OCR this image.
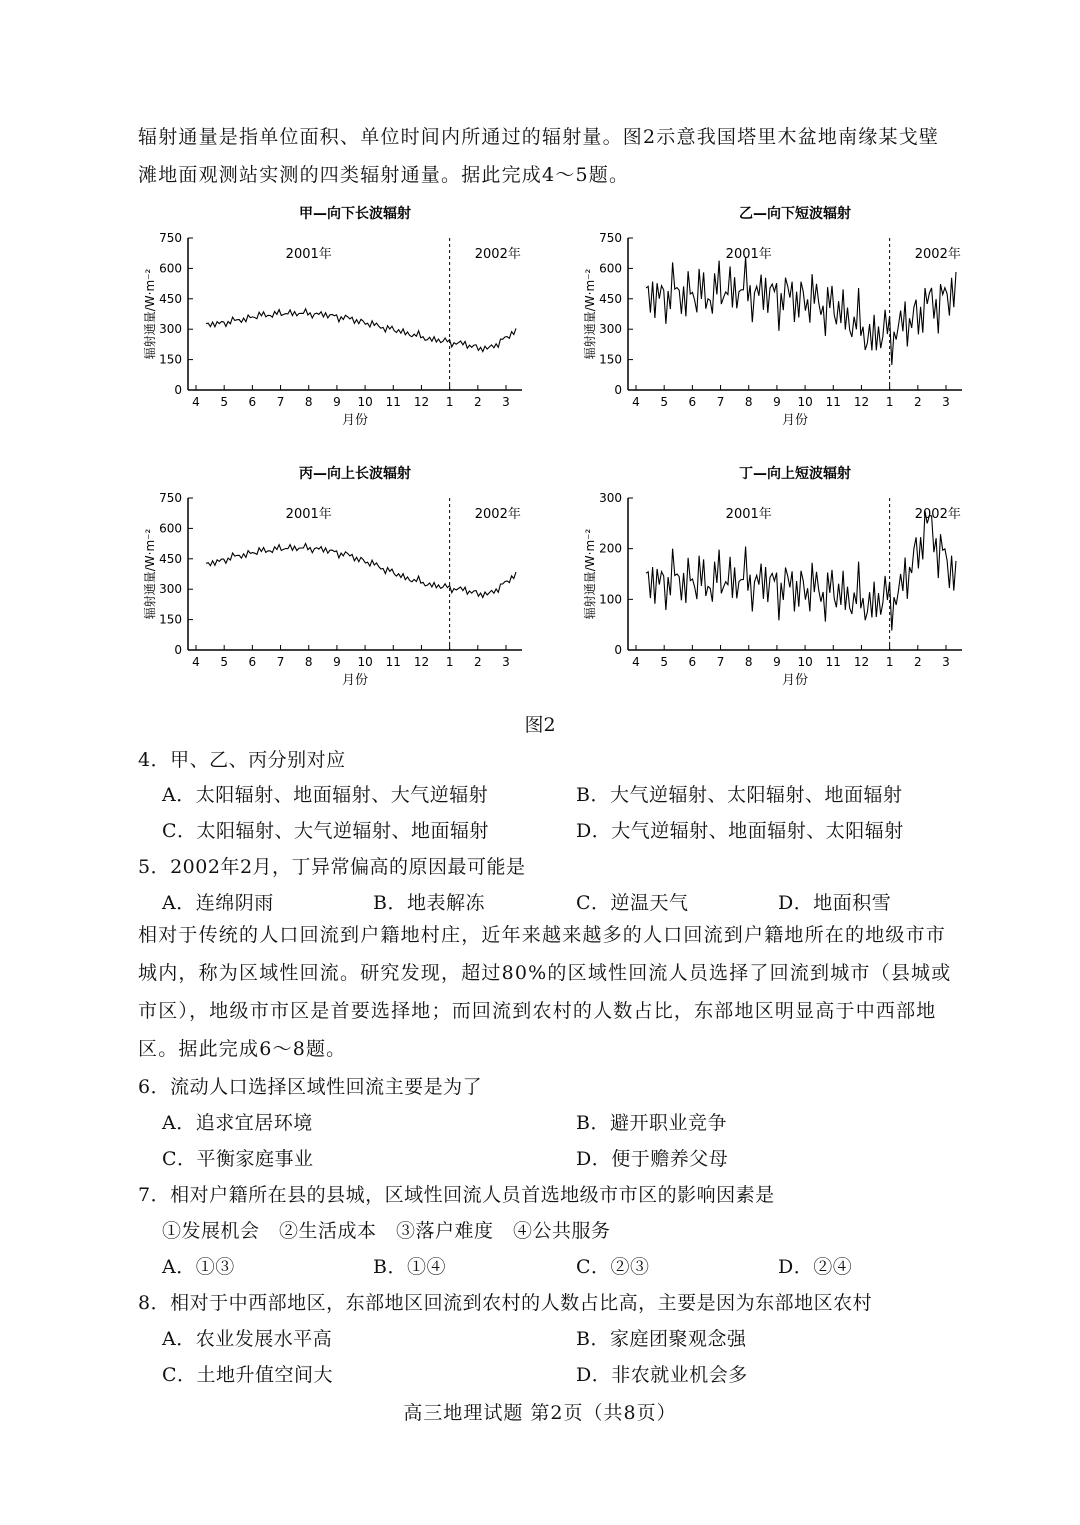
辐射通量是指单位面积、单位时间内所通过的辐射量。图2示意我国塔里木盆地南缘某戈壁滩地面观测站实测的四类辐射通量。据此完成4～5题。
甲—向下长波辐射
0
150
300
450
600
750
4 5 6 7 8 9 10 11 12 1 2 3
2001年	2002年
月份
辐射通量/W·m⁻²
乙—向下短波辐射
0
150
300
450
600
750
4 5 6 7 8 9 10 11 12 1 2 3
2001年	2002年
月份
辐射通量/W·m⁻²
丙—向上长波辐射
0
150
300
450
600
750
4 5 6 7 8 9 10 11 12 1 2 3
2001年	2002年
月份
辐射通量/W·m⁻²
丁—向上短波辐射
0
100
200
300
4 5 6 7 8 9 10 11 12 1 2 3
2001年	2002年
月份
辐射通量/W·m⁻²
图2
4．甲、乙、丙分别对应
A．太阳辐射、地面辐射、大气逆辐射	B．大气逆辐射、太阳辐射、地面辐射
C．太阳辐射、大气逆辐射、地面辐射	D．大气逆辐射、地面辐射、太阳辐射
5．2002年2月，丁异常偏高的原因最可能是
A．连绵阴雨	B．地表解冻	C．逆温天气	D．地面积雪
相对于传统的人口回流到户籍地村庄，近年来越来越多的人口回流到户籍地所在的地级市市城内，称为区域性回流。研究发现，超过80%的区域性回流人员选择了回流到城市（县城或市区），地级市市区是首要选择地；而回流到农村的人数占比，东部地区明显高于中西部地区。据此完成6～8题。
6．流动人口选择区域性回流主要是为了
A．追求宜居环境	B．避开职业竞争
C．平衡家庭事业	D．便于赡养父母
7．相对户籍所在县的县城，区域性回流人员首选地级市市区的影响因素是
①发展机会　②生活成本　③落户难度　④公共服务
A．①③	B．①④	C．②③	D．②④
8．相对于中西部地区，东部地区回流到农村的人数占比高，主要是因为东部地区农村
A．农业发展水平高	B．家庭团聚观念强
C．土地升值空间大	D．非农就业机会多
高三地理试题 第2页（共8页）
